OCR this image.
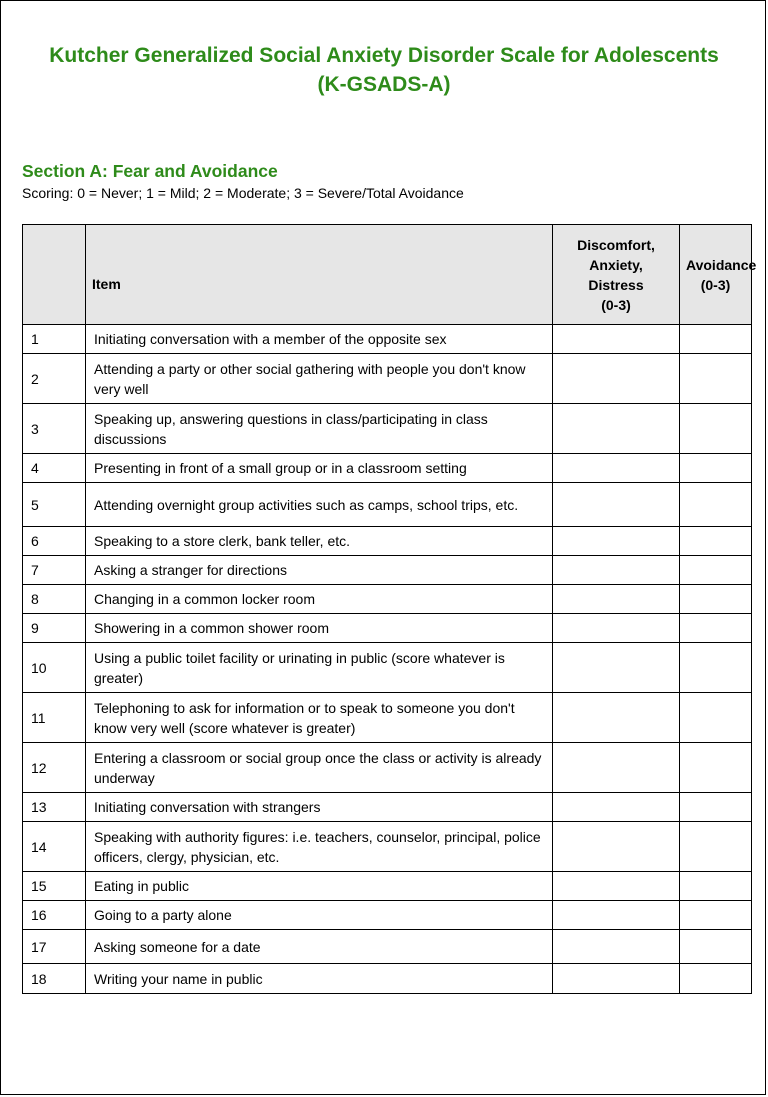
Kutcher Generalized Social Anxiety Disorder Scale for Adolescents
(K-GSADS-A)
Section A: Fear and Avoidance
Scoring: 0 = Never; 1 = Mild; 2 = Moderate; 3 = Severe/Total Avoidance
	Item	Discomfort,
Anxiety,
Distress
(0-3)	Avoidance
(0-3)

1	Initiating conversation with a member of the opposite sex		
2	Attending a party or other social gathering with people you don't know very well		
3	Speaking up, answering questions in class/participating in class discussions		
4	Presenting in front of a small group or in a classroom setting		
5	Attending overnight group activities such as camps, school trips, etc.		
6	Speaking to a store clerk, bank teller, etc.		
7	Asking a stranger for directions		
8	Changing in a common locker room		
9	Showering in a common shower room		
10	Using a public toilet facility or urinating in public (score whatever is greater)		
11	Telephoning to ask for information or to speak to someone you don't know very well (score whatever is greater)		
12	Entering a classroom or social group once the class or activity is already underway		
13	Initiating conversation with strangers		
14	Speaking with authority figures: i.e. teachers, counselor, principal, police officers, clergy, physician, etc.		
15	Eating in public		
16	Going to a party alone		
17	Asking someone for a date		
18	Writing your name in public		
